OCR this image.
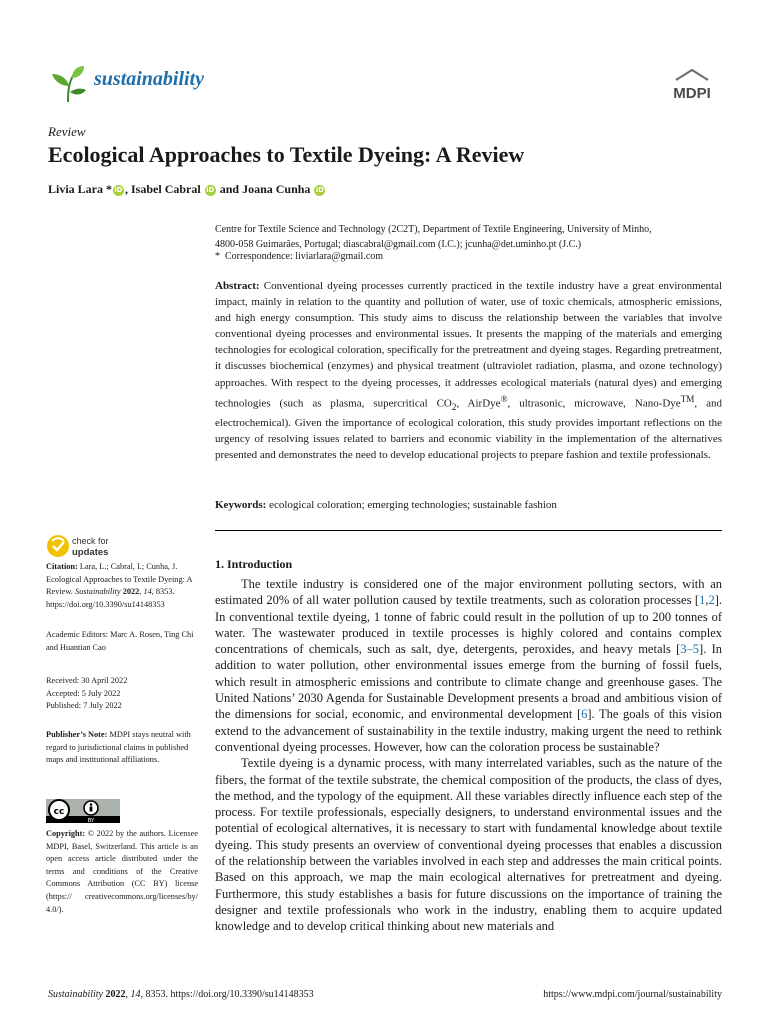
sustainability
MDPI
Review
Ecological Approaches to Textile Dyeing: A Review
Livia Lara * iD , Isabel Cabral iD and Joana Cunha iD
Centre for Textile Science and Technology (2C2T), Department of Textile Engineering, University of Minho,
4800-058 Guimarães, Portugal; diascabral@gmail.com (I.C.); jcunha@det.uminho.pt (J.C.)
* Correspondence: liviarlara@gmail.com

Abstract: Conventional dyeing processes currently practiced in the textile industry have a great environmental impact, mainly in relation to the quantity and pollution of water, use of toxic chemicals, atmospheric emissions, and high energy consumption. This study aims to discuss the relationship between the variables that involve conventional dyeing processes and environmental issues. It presents the mapping of the materials and emerging technologies for ecological coloration, specifically for the pretreatment and dyeing stages. Regarding pretreatment, it discusses biochemical (enzymes) and physical treatment (ultraviolet radiation, plasma, and ozone technology) approaches. With respect to the dyeing processes, it addresses ecological materials (natural dyes) and emerging technologies (such as plasma, supercritical $CO_2$, AirDye®, ultrasonic, microwave, Nano-Dye™, and electrochemical). Given the importance of ecological coloration, this study provides important reflections on the urgency of resolving issues related to barriers and economic viability in the implementation of the alternatives presented and demonstrates the need to develop educational projects to prepare fashion and textile professionals.

Keywords: ecological coloration; emerging technologies; sustainable fashion

1. Introduction

The textile industry is considered one of the major environment polluting sectors, with an estimated 20% of all water pollution caused by textile treatments, such as coloration processes [1,2]. In conventional textile dyeing, 1 tonne of fabric could result in the pollution of up to 200 tonnes of water. The wastewater produced in textile processes is highly colored and contains complex concentrations of chemicals, such as salt, dye, detergents, peroxides, and heavy metals [3–5]. In addition to water pollution, other environmental issues emerge from the burning of fossil fuels, which result in atmospheric emissions and contribute to climate change and greenhouse gases. The United Nations’ 2030 Agenda for Sustainable Development presents a broad and ambitious vision of the dimensions for social, economic, and environmental development [6]. The goals of this vision extend to the advancement of sustainability in the textile industry, making urgent the need to rethink conventional dyeing processes. However, how can the coloration process be sustainable?

Textile dyeing is a dynamic process, with many interrelated variables, such as the nature of the fibers, the format of the textile substrate, the chemical composition of the products, the class of dyes, the method, and the typology of the equipment. All these variables directly influence each step of the process. For textile professionals, especially designers, to understand environmental issues and the potential of ecological alternatives, it is necessary to start with fundamental knowledge about textile dyeing. This study presents an overview of conventional dyeing processes that enables a discussion of the relationship between the variables involved in each step and addresses the main critical points. Based on this approach, we map the main ecological alternatives for pretreatment and dyeing. Furthermore, this study establishes a basis for future discussions on the importance of training the designer and textile professionals who work in the industry, enabling them to acquire updated knowledge and to develop critical thinking about new materials and

check for
updates

Citation: Lara, L.; Cabral, I.; Cunha, J. Ecological Approaches to Textile Dyeing: A Review. Sustainability 2022, 14, 8353. https://doi.org/10.3390/su14148353

Academic Editors: Marc A. Rosen, Ting Chi and Huantian Cao

Received: 30 April 2022

Accepted: 5 July 2022

Published: 7 July 2022

Publisher’s Note: MDPI stays neutral with regard to jurisdictional claims in published maps and institutional affiliations.

cc
BY

Copyright: © 2022 by the authors. Licensee MDPI, Basel, Switzerland. This article is an open access article distributed under the terms and conditions of the Creative Commons Attribution (CC BY) license (https:// creativecommons.org/licenses/by/ 4.0/).

Sustainability 2022, 14, 8353. https://doi.org/10.3390/su14148353	https://www.mdpi.com/journal/sustainability
